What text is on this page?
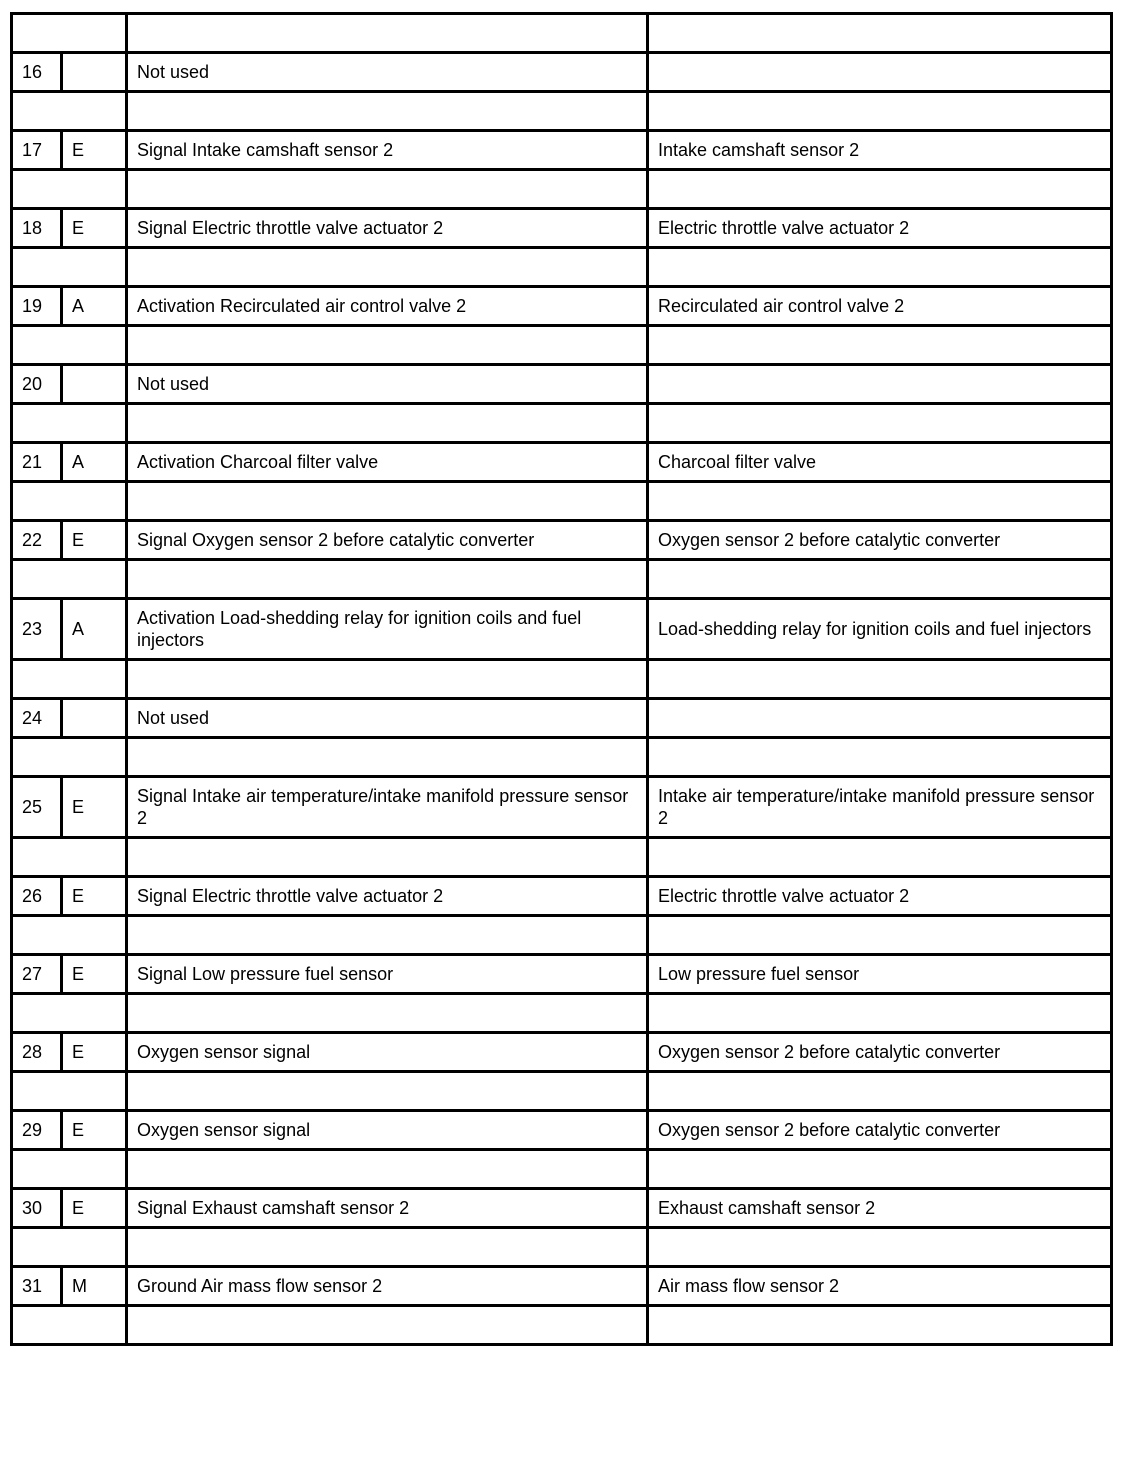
16		Not used	

17	E	Signal Intake camshaft sensor 2	Intake camshaft sensor 2

18	E	Signal Electric throttle valve actuator 2	Electric throttle valve actuator 2

19	A	Activation Recirculated air control valve 2	Recirculated air control valve 2

20		Not used	

21	A	Activation Charcoal filter valve	Charcoal filter valve

22	E	Signal Oxygen sensor 2 before catalytic converter	Oxygen sensor 2 before catalytic converter

23	A	Activation Load-shedding relay for ignition coils and fuel injectors	Load-shedding relay for ignition coils and fuel injectors

24		Not used	

25	E	Signal Intake air temperature/intake manifold pressure sensor 2	Intake air temperature/intake manifold pressure sensor 2

26	E	Signal Electric throttle valve actuator 2	Electric throttle valve actuator 2

27	E	Signal Low pressure fuel sensor	Low pressure fuel sensor

28	E	Oxygen sensor signal	Oxygen sensor 2 before catalytic converter

29	E	Oxygen sensor signal	Oxygen sensor 2 before catalytic converter

30	E	Signal Exhaust camshaft sensor 2	Exhaust camshaft sensor 2

31	M	Ground Air mass flow sensor 2	Air mass flow sensor 2
